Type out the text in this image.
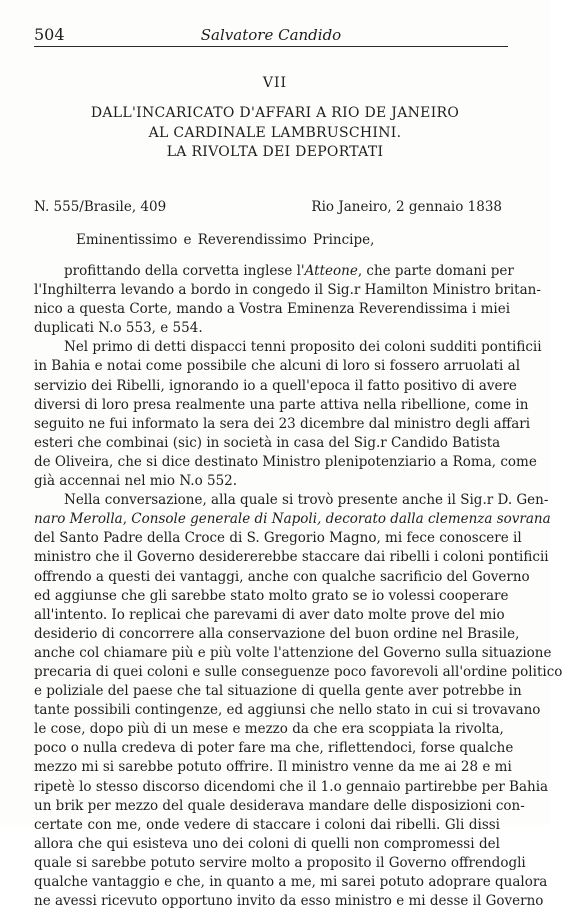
504	Salvatore Candido
VII
DALL'INCARICATO D'AFFARI A RIO DE JANEIRO
AL CARDINALE LAMBRUSCHINI.
LA RIVOLTA DEI DEPORTATI
N. 555/Brasile, 409	Rio Janeiro, 2 gennaio 1838
Eminentissimo e Reverendissimo Principe,
profittando della corvetta inglese l'Atteone, che parte domani per
l'Inghilterra levando a bordo in congedo il Sig.r Hamilton Ministro britan-
nico a questa Corte, mando a Vostra Eminenza Reverendissima i miei
duplicati N.o 553, e 554.
Nel primo di detti dispacci tenni proposito dei coloni sudditi pontificii
in Bahia e notai come possibile che alcuni di loro si fossero arruolati al
servizio dei Ribelli, ignorando io a quell'epoca il fatto positivo di avere
diversi di loro presa realmente una parte attiva nella ribellione, come in
seguito ne fui informato la sera dei 23 dicembre dal ministro degli affari
esteri che combinai (sic) in società in casa del Sig.r Candido Batista
de Oliveira, che si dice destinato Ministro plenipotenziario a Roma, come
già accennai nel mio N.o 552.
Nella conversazione, alla quale si trovò presente anche il Sig.r D. Gen-
naro Merolla, Console generale di Napoli, decorato dalla clemenza sovrana
del Santo Padre della Croce di S. Gregorio Magno, mi fece conoscere il
ministro che il Governo desidererebbe staccare dai ribelli i coloni pontificii
offrendo a questi dei vantaggi, anche con qualche sacrificio del Governo
ed aggiunse che gli sarebbe stato molto grato se io volessi cooperare
all'intento. Io replicai che parevami di aver dato molte prove del mio
desiderio di concorrere alla conservazione del buon ordine nel Brasile,
anche col chiamare più e più volte l'attenzione del Governo sulla situazione
precaria di quei coloni e sulle conseguenze poco favorevoli all'ordine politico
e poliziale del paese che tal situazione di quella gente aver potrebbe in
tante possibili contingenze, ed aggiunsi che nello stato in cui si trovavano
le cose, dopo più di un mese e mezzo da che era scoppiata la rivolta,
poco o nulla credeva di poter fare ma che, riflettendoci, forse qualche
mezzo mi si sarebbe potuto offrire. Il ministro venne da me ai 28 e mi
ripetè lo stesso discorso dicendomi che il 1.o gennaio partirebbe per Bahia
un brik per mezzo del quale desiderava mandare delle disposizioni con-
certate con me, onde vedere di staccare i coloni dai ribelli. Gli dissi
allora che qui esisteva uno dei coloni di quelli non compromessi del
quale si sarebbe potuto servire molto a proposito il Governo offrendogli
qualche vantaggio e che, in quanto a me, mi sarei potuto adoprare qualora
ne avessi ricevuto opportuno invito da esso ministro e mi desse il Governo
